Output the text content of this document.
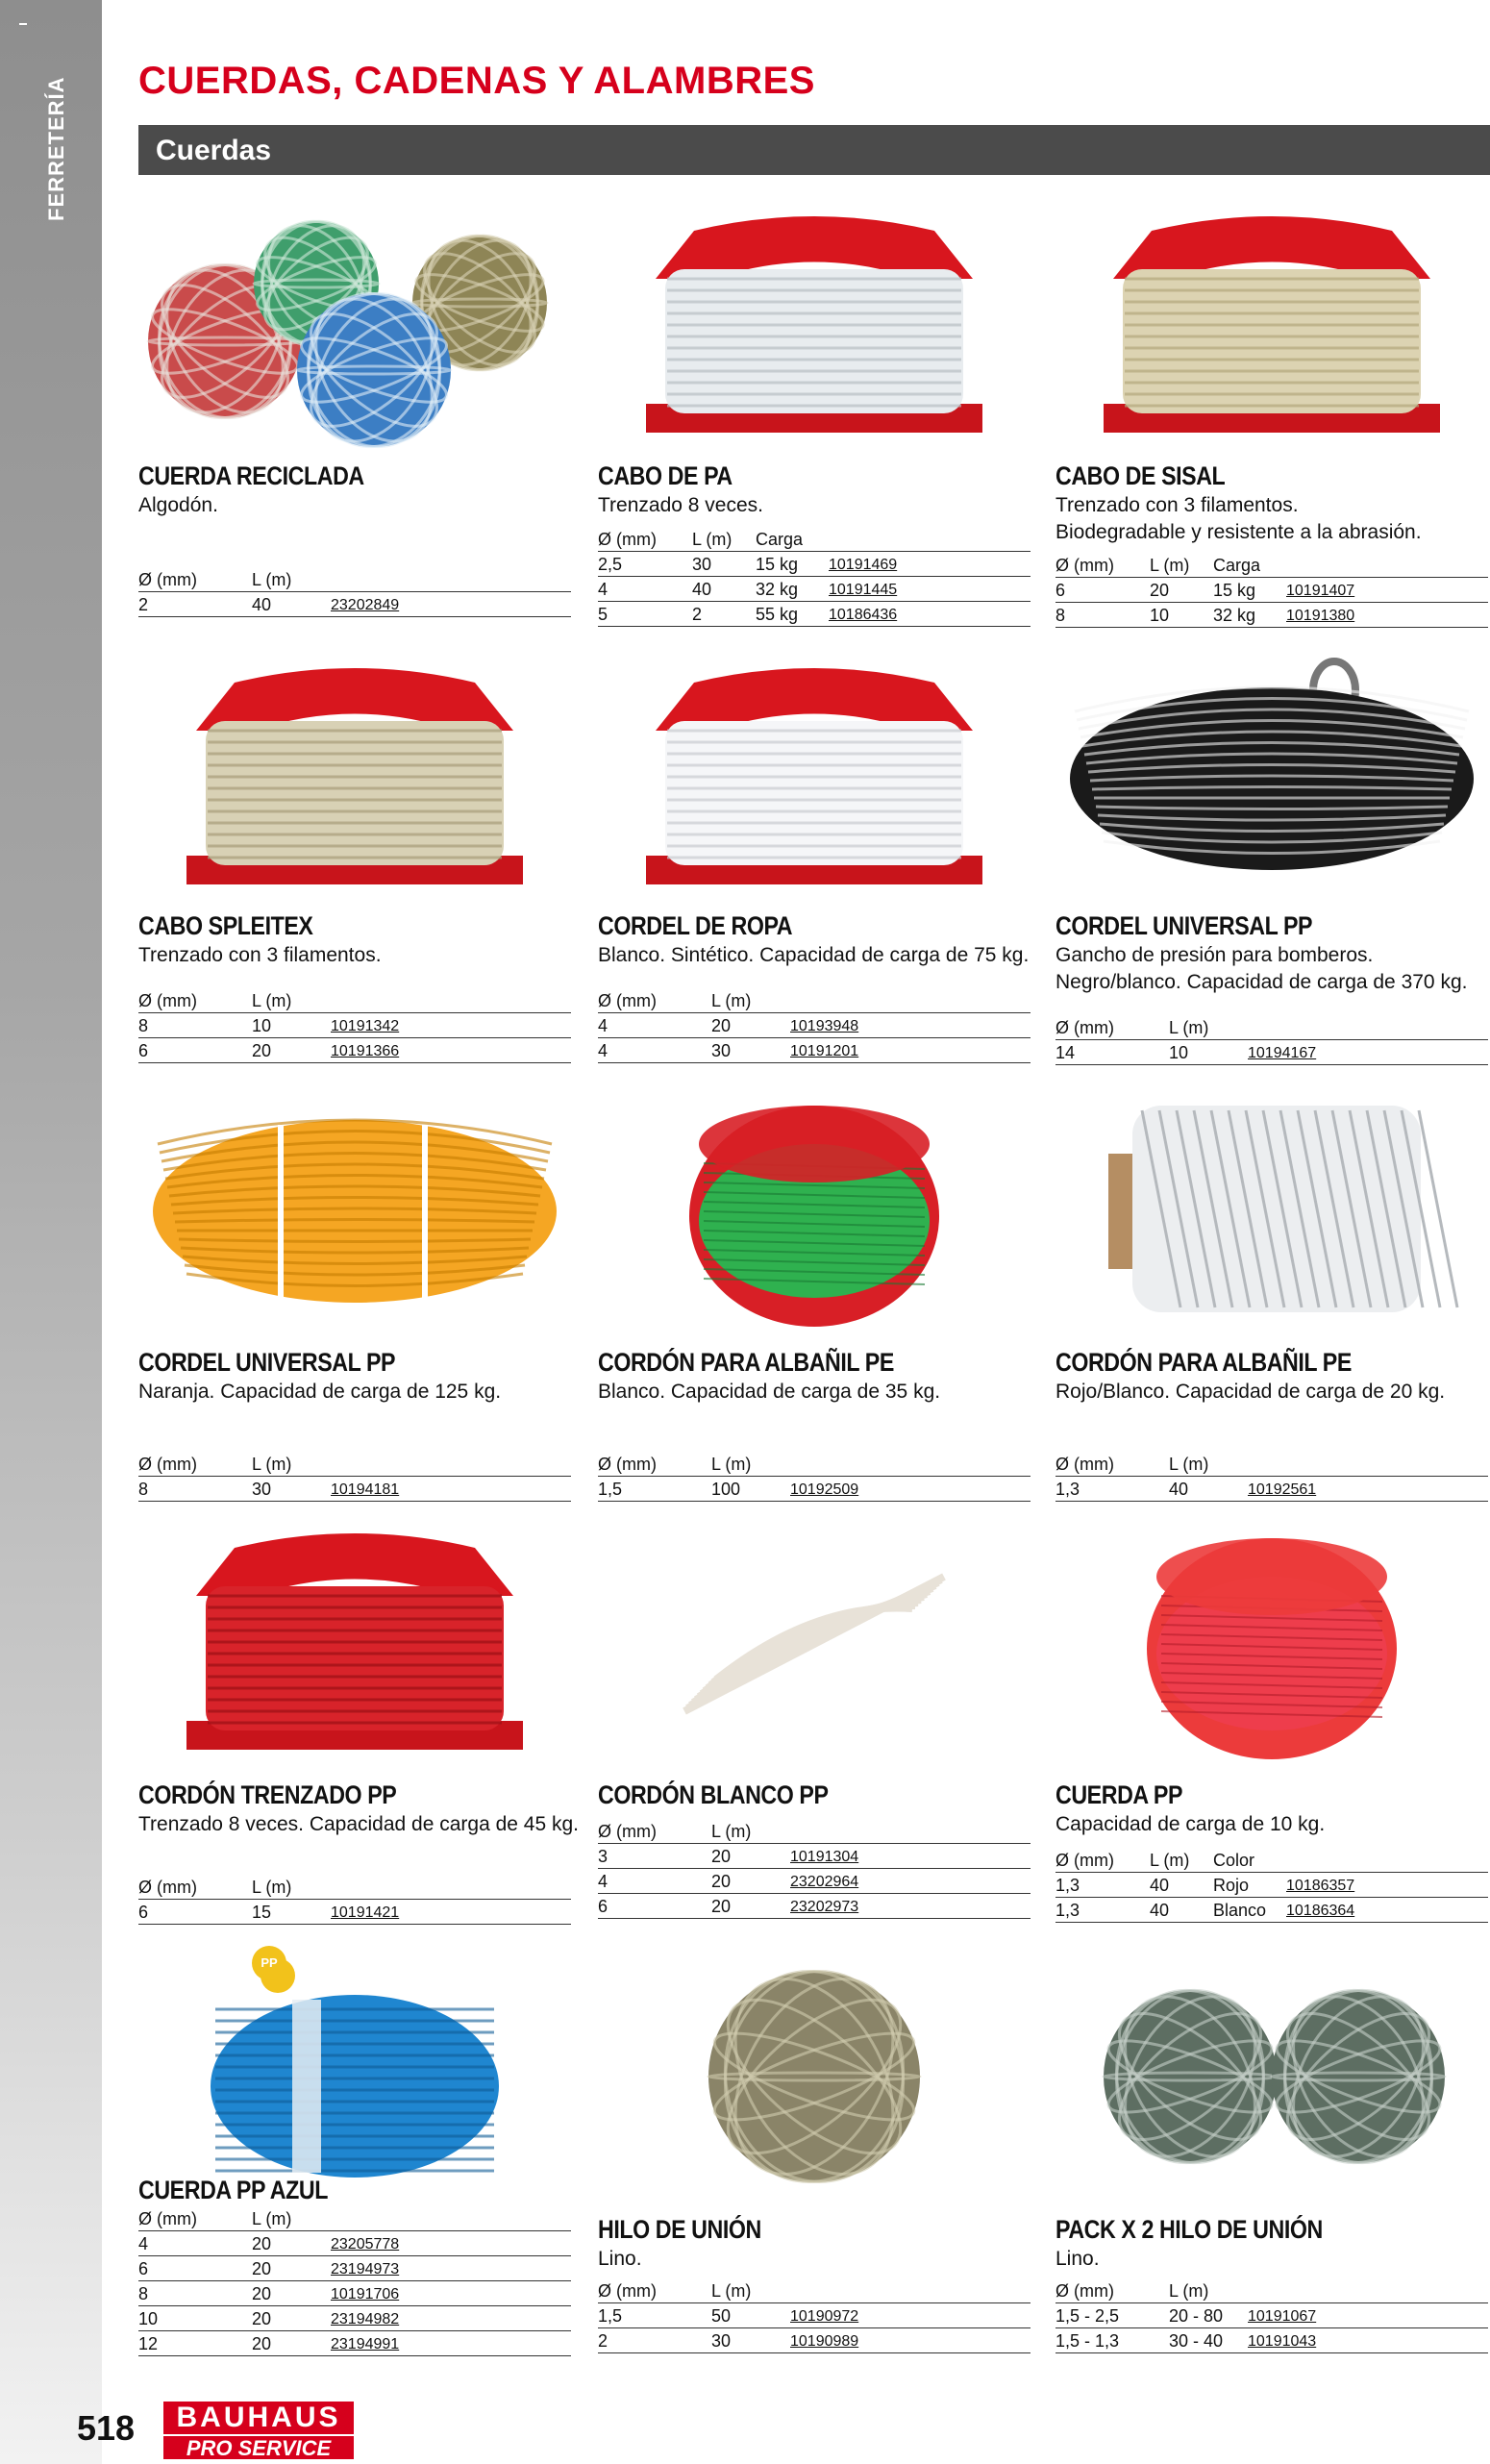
FERRETERÍA CUERDAS, CADENAS Y ALAMBRES
Cuerdas
CUERDA RECICLADA
Algodón.
Ø (mm)	L (m)
2	40	23202849
CABO DE PA
Trenzado 8 veces.
Ø (mm) L (m) Carga
2,5	30	15 kg 10191469
4	40	32 kg 10191445
5	2	55 kg 10186436
CABO DE SISAL
Trenzado con 3 filamentos.
Biodegradable y resistente a la abrasión.
Ø (mm) L (m) Carga
6	20	15 kg 10191407
8	10	32 kg 10191380
CABO SPLEITEX
Trenzado con 3 filamentos.
Ø (mm)	L (m)
8	10	10191342
6	20	10191366
CORDEL DE ROPA
Blanco. Sintético. Capacidad de carga de 75 kg.
Ø (mm)	L (m)
4	20	10193948
4	30	10191201
CORDEL UNIVERSAL PP
Gancho de presión para bomberos.
Negro/blanco. Capacidad de carga de 370 kg.
Ø (mm)	L (m)
14	10	10194167
CORDEL UNIVERSAL PP
Naranja. Capacidad de carga de 125 kg.
Ø (mm)	L (m)
8	30	10194181
CORDÓN PARA ALBAÑIL PE
Blanco. Capacidad de carga de 35 kg.
Ø (mm)	L (m)
1,5	100	10192509
CORDÓN PARA ALBAÑIL PE
Rojo/Blanco. Capacidad de carga de 20 kg.
Ø (mm)	L (m)
1,3	40	10192561
CORDÓN TRENZADO PP
Trenzado 8 veces. Capacidad de carga de 45 kg.
Ø (mm)	L (m)
6	15	10191421
CORDÓN BLANCO PP
Ø (mm)	L (m)
3	20	10191304
4	20	23202964
6	20	23202973
CUERDA PP
Capacidad de carga de 10 kg.
Ø (mm) L (m) Color
1,3	40	Rojo 10186357
1,3	40	Blanco 10186364
PP
CUERDA PP AZUL
Ø (mm)	L (m)
4	20	23205778
6	20	23194973
8	20	10191706
10	20	23194982
12	20	23194991
HILO DE UNIÓN
Lino.
Ø (mm)	L (m)
1,5	50	10190972
2	30	10190989
PACK X 2 HILO DE UNIÓN
Lino.
Ø (mm)	L (m)
1,5 - 2,5	20 - 80 10191067
1,5 - 1,3	30 - 40 10191043
518	BAUHAUS
PRO SERVICE
